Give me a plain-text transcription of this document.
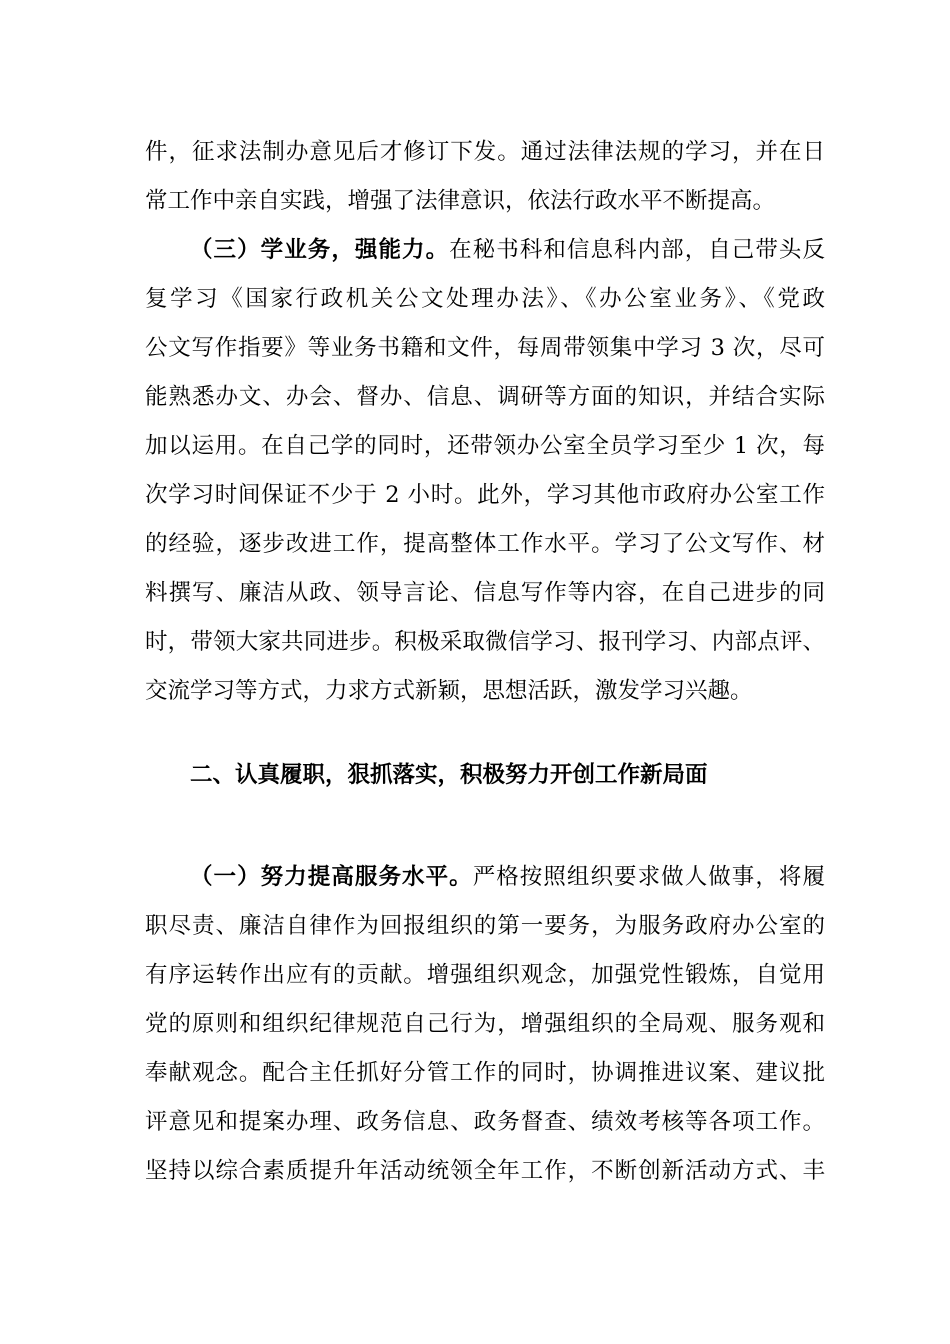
件，征求法制办意见后才修订下发。通过法律法规的学习，并在日
常工作中亲自实践，增强了法律意识，依法行政水平不断提高。
（三）学业务，强能力。在秘书科和信息科内部，自己带头反
复学习《国家行政机关公文处理办法》、《办公室业务》、《党政
公文写作指要》等业务书籍和文件，每周带领集中学习 3 次，尽可
能熟悉办文、办会、督办、信息、调研等方面的知识，并结合实际
加以运用。在自己学的同时，还带领办公室全员学习至少 1 次，每
次学习时间保证不少于 2 小时。此外，学习其他市政府办公室工作
的经验，逐步改进工作，提高整体工作水平。学习了公文写作、材
料撰写、廉洁从政、领导言论、信息写作等内容，在自己进步的同
时，带领大家共同进步。积极采取微信学习、报刊学习、内部点评、
交流学习等方式，力求方式新颖，思想活跃，激发学习兴趣。
二、认真履职，狠抓落实，积极努力开创工作新局面
（一）努力提高服务水平。严格按照组织要求做人做事，将履
职尽责、廉洁自律作为回报组织的第一要务，为服务政府办公室的
有序运转作出应有的贡献。增强组织观念，加强党性锻炼，自觉用
党的原则和组织纪律规范自己行为，增强组织的全局观、服务观和
奉献观念。配合主任抓好分管工作的同时，协调推进议案、建议批
评意见和提案办理、政务信息、政务督查、绩效考核等各项工作。
坚持以综合素质提升年活动统领全年工作，不断创新活动方式、丰
